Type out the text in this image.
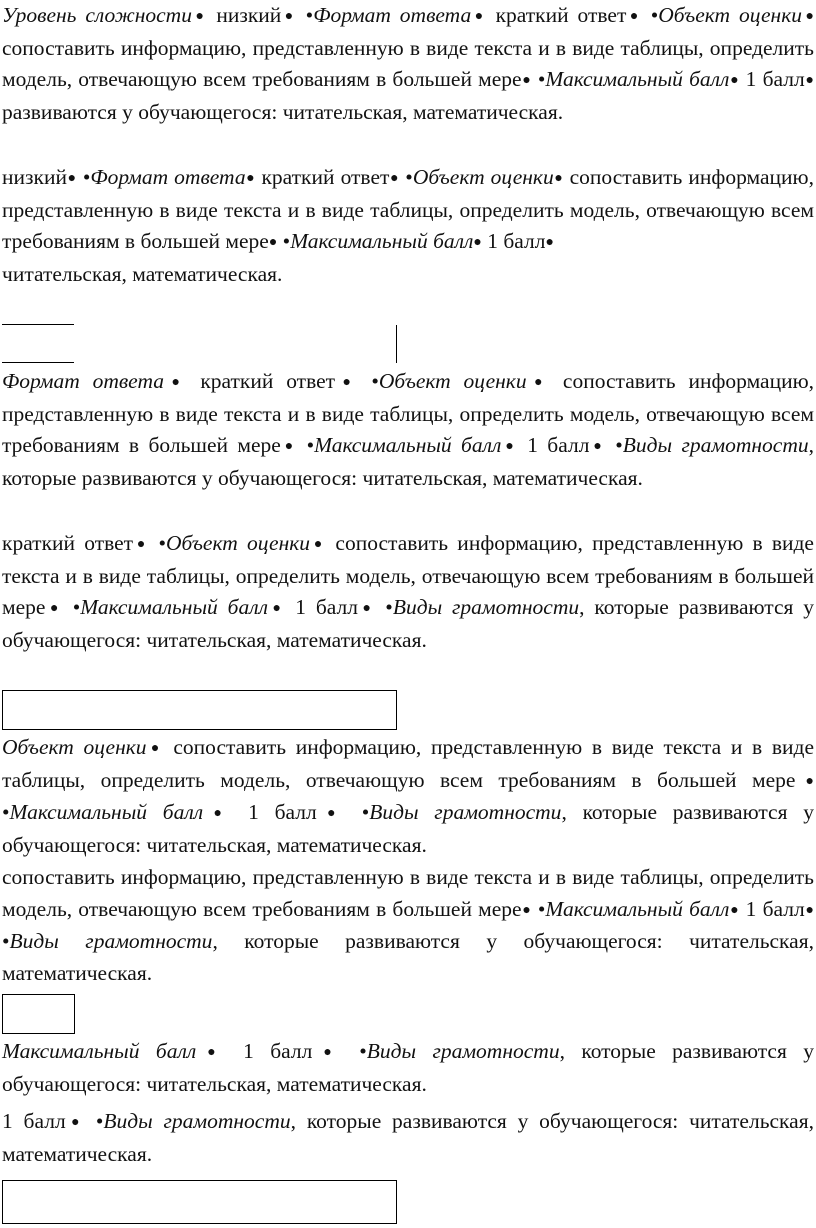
Уровень сложности● низкий● •Формат ответа● краткий ответ● •Объект оценки● сопоставить информацию, представленную в виде текста и в виде таблицы, определить модель, отвечающую всем требованиям в большей мере● •Максимальный балл● 1 балл● развиваются у обучающегося: читательская, математическая.

низкий● •Формат ответа● краткий ответ● •Объект оценки● сопоставить информацию, представленную в виде текста и в виде таблицы, определить модель, отвечающую всем требованиям в большей мере● •Максимальный балл● 1 балл●
читательская, математическая.

Формат ответа● краткий ответ● •Объект оценки● сопоставить информацию, представленную в виде текста и в виде таблицы, определить модель, отвечающую всем требованиям в большей мере● •Максимальный балл● 1 балл● •Виды грамотности, которые развиваются у обучающегося: читательская, математическая.

краткий ответ● •Объект оценки● сопоставить информацию, представленную в виде текста и в виде таблицы, определить модель, отвечающую всем требованиям в большей мере● •Максимальный балл● 1 балл● •Виды грамотности, которые развиваются у обучающегося: читательская, математическая.

Объект оценки● сопоставить информацию, представленную в виде текста и в виде таблицы, определить модель, отвечающую всем требованиям в большей мере● •Максимальный балл● 1 балл● •Виды грамотности, которые развиваются у обучающегося: читательская, математическая.

сопоставить информацию, представленную в виде текста и в виде таблицы, определить модель, отвечающую всем требованиям в большей мере● •Максимальный балл● 1 балл● •Виды грамотности, которые развиваются у обучающегося: читательская, математическая.

Максимальный балл● 1 балл● •Виды грамотности, которые развиваются у обучающегося: читательская, математическая.

1 балл● •Виды грамотности, которые развиваются у обучающегося: читательская, математическая.
